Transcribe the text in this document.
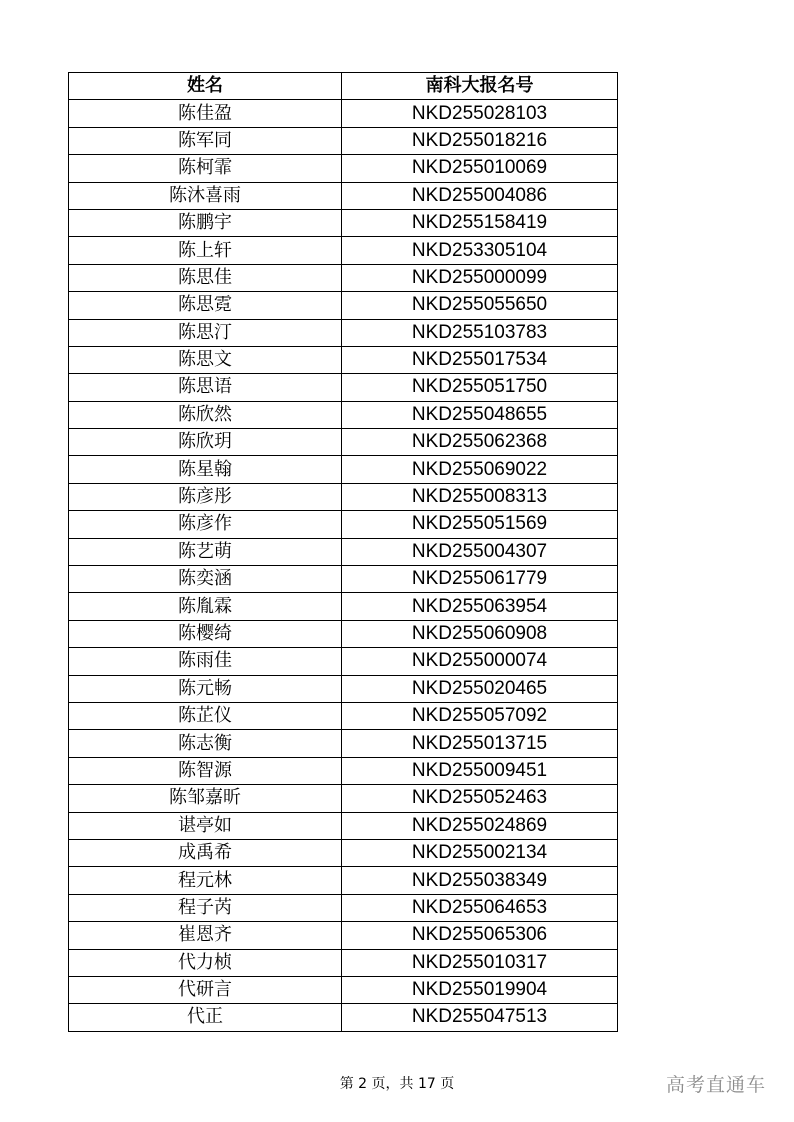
姓名	南科大报名号
陈佳盈	NKD255028103
陈军同	NKD255018216
陈柯霏	NKD255010069
陈沐喜雨	NKD255004086
陈鹏宇	NKD255158419
陈上轩	NKD253305104
陈思佳	NKD255000099
陈思霓	NKD255055650
陈思汀	NKD255103783
陈思文	NKD255017534
陈思语	NKD255051750
陈欣然	NKD255048655
陈欣玥	NKD255062368
陈星翰	NKD255069022
陈彦彤	NKD255008313
陈彦作	NKD255051569
陈艺萌	NKD255004307
陈奕涵	NKD255061779
陈胤霖	NKD255063954
陈樱绮	NKD255060908
陈雨佳	NKD255000074
陈元畅	NKD255020465
陈芷仪	NKD255057092
陈志衡	NKD255013715
陈智源	NKD255009451
陈邹嘉昕	NKD255052463
谌亭如	NKD255024869
成禹希	NKD255002134
程元林	NKD255038349
程子芮	NKD255064653
崔恩齐	NKD255065306
代力桢	NKD255010317
代研言	NKD255019904
代正	NKD255047513
第 2 页，共 17 页	高考直通车
